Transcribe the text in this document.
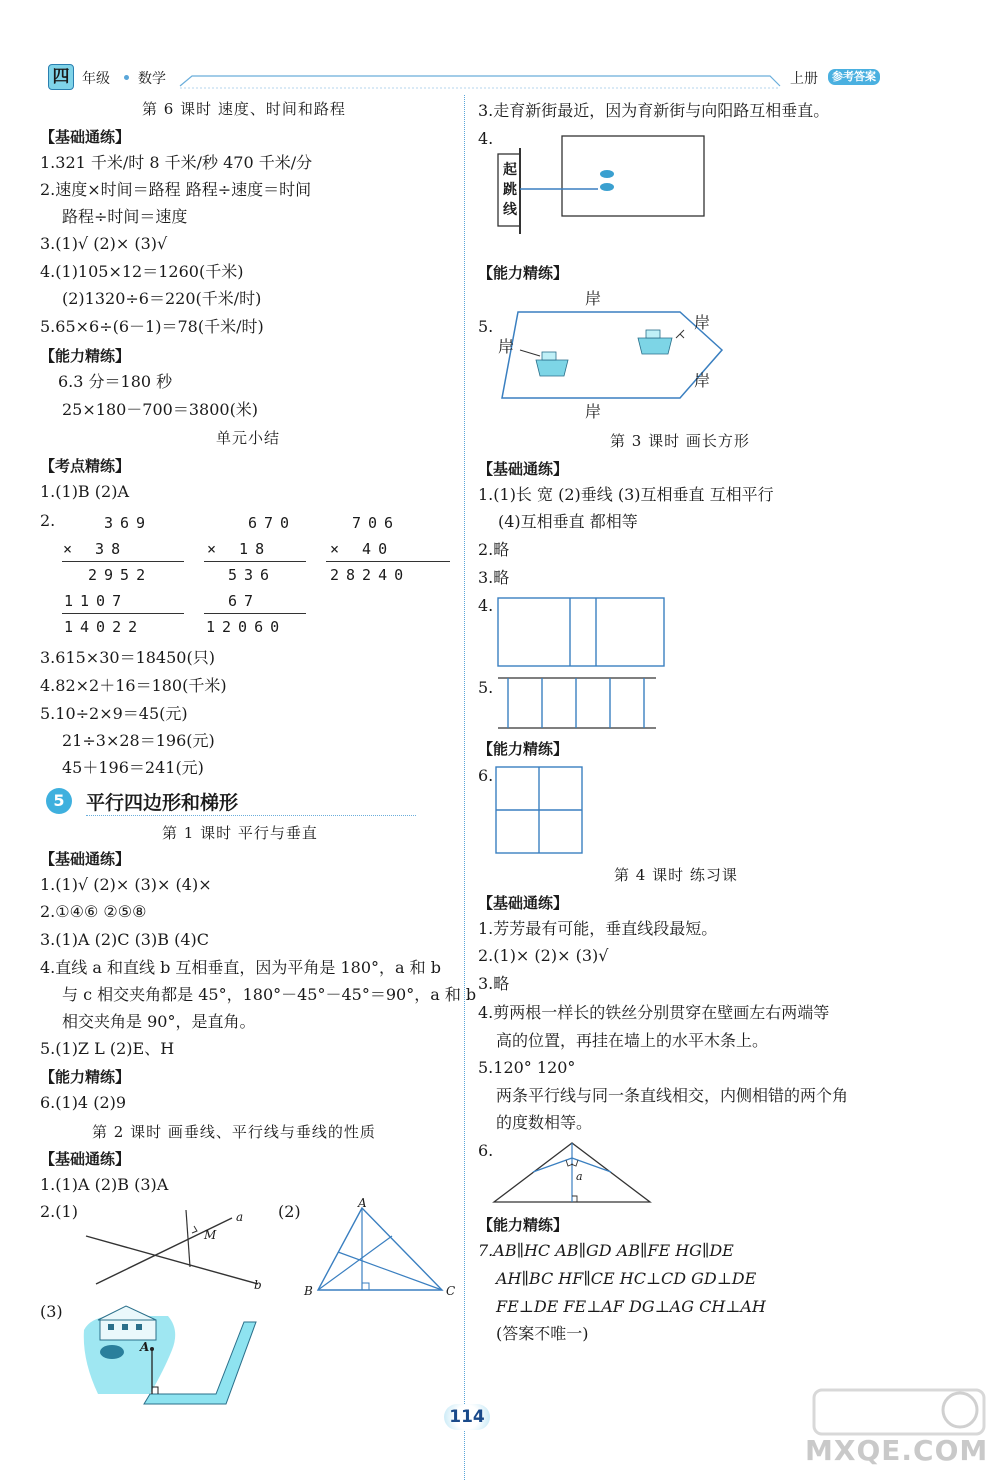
四 年级 数学	上册	参考答案
第 6 课时 速度、时间和路程
【基础通练】
1.321 千米/时 8 千米/秒 470 千米/分
2.速度×时间＝路程 路程÷速度＝时间
路程÷时间＝速度
3.(1)√ (2)× (3)√
4.(1)105×12＝1260(千米)
(2)1320÷6＝220(千米/时)
5.65×6÷(6－1)＝78(千米/时)
【能力精练】
6.3 分＝180 秒
25×180－700＝3800(米)
单元小结
【考点精练】
1.(1)B (2)A
2.	369
× 38
2952
1107
14022
670
× 18
536
67
12060
706
× 40
28240
3.615×30＝18450(只)
4.82×2＋16＝180(千米)
5.10÷2×9＝45(元)
21÷3×28＝196(元)
45＋196＝241(元)
5	平行四边形和梯形
第 1 课时 平行与垂直
【基础通练】
1.(1)√ (2)× (3)× (4)×
2.①④⑥ ②⑤⑧
3.(1)A (2)C (3)B (4)C
4.直线 a 和直线 b 互相垂直，因为平角是 180°，a 和 b
与 c 相交夹角都是 45°，180°－45°－45°＝90°，a 和 b
相交夹角是 90°，是直角。
5.(1)Z L (2)E、H
【能力精练】
6.(1)4 (2)9
第 2 课时 画垂线、平行线与垂线的性质
【基础通练】
1.(1)A (2)B (3)A
2.(1)	(2)
(3)
a
M
b
A
B	C
A
3.走育新街最近，因为育新街与向阳路互相垂直。
4.
起跳线
【能力精练】
5.
岸
岸
岸
岸
岸
第 3 课时 画长方形
【基础通练】
1.(1)长 宽 (2)垂线 (3)互相垂直 互相平行
(4)互相垂直 都相等
2.略
3.略
4.
5.
【能力精练】
6.
第 4 课时 练习课
【基础通练】
1.芳芳最有可能，垂直线段最短。
2.(1)× (2)× (3)√
3.略
4.剪两根一样长的铁丝分别贯穿在壁画左右两端等
高的位置，再挂在墙上的水平木条上。
5.120° 120°
两条平行线与同一条直线相交，内侧相错的两个角
的度数相等。
6.
a
【能力精练】
7.AB∥HC AB∥GD AB∥FE HG∥DE
AH∥BC HF∥CE HC⊥CD GD⊥DE
FE⊥DE FE⊥AF DG⊥AG CH⊥AH
(答案不唯一)
114
MXQE.COM
